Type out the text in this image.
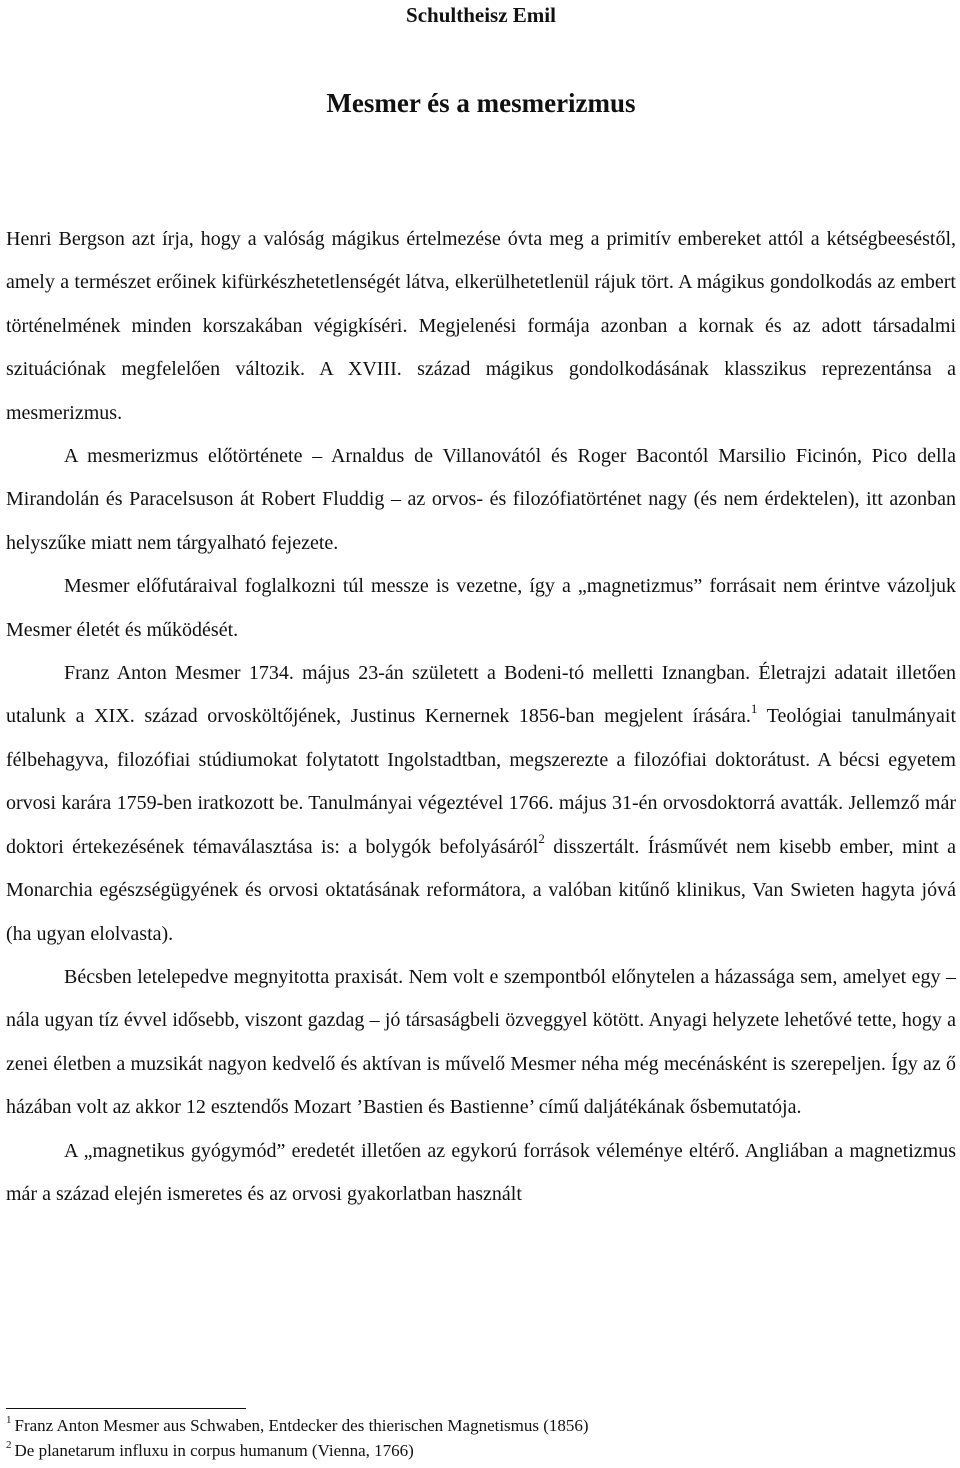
Schultheisz Emil

Mesmer és a mesmerizmus

Henri Bergson azt írja, hogy a valóság mágikus értelmezése óvta meg a primitív embereket attól a kétségbeeséstől, amely a természet erőinek kifürkészhetetlenségét látva, elkerülhetetlenül rájuk tört. A mágikus gondolkodás az embert történelmének minden korszakában végigkíséri. Megjelenési formája azonban a kornak és az adott társadalmi szituációnak megfelelően változik. A XVIII. század mágikus gondolkodásának klasszikus reprezentánsa a mesmerizmus.

A mesmerizmus előtörténete – Arnaldus de Villanovától és Roger Bacontól Marsilio Ficinón, Pico della Mirandolán és Paracelsuson át Robert Fluddig – az orvos- és filozófiatörténet nagy (és nem érdektelen), itt azonban helyszűke miatt nem tárgyalható fejezete.

Mesmer előfutáraival foglalkozni túl messze is vezetne, így a „magnetizmus” forrásait nem érintve vázoljuk Mesmer életét és működését.

Franz Anton Mesmer 1734. május 23-án született a Bodeni-tó melletti Iznangban. Életrajzi adatait illetően utalunk a XIX. század orvosköltőjének, Justinus Kernernek 1856-ban megjelent írására.$^1$ Teológiai tanulmányait félbehagyva, filozófiai stúdiumokat folytatott Ingolstadtban, megszerezte a filozófiai doktorátust. A bécsi egyetem orvosi karára 1759-ben iratkozott be. Tanulmányai végeztével 1766. május 31-én orvosdoktorrá avatták. Jellemző már doktori értekezésének témaválasztása is: a bolygók befolyásáról$^2$ disszertált. Írásművét nem kisebb ember, mint a Monarchia egészségügyének és orvosi oktatásának reformátora, a valóban kitűnő klinikus, Van Swieten hagyta jóvá (ha ugyan elolvasta).

Bécsben letelepedve megnyitotta praxisát. Nem volt e szempontból előnytelen a házassága sem, amelyet egy – nála ugyan tíz évvel idősebb, viszont gazdag – jó társaságbeli özveggyel kötött. Anyagi helyzete lehetővé tette, hogy a zenei életben a muzsikát nagyon kedvelő és aktívan is művelő Mesmer néha még mecénásként is szerepeljen. Így az ő házában volt az akkor 12 esztendős Mozart ’Bastien és Bastienne’ című daljátékának ősbemutatója.

A „magnetikus gyógymód” eredetét illetően az egykorú források véleménye eltérő. Angliában a magnetizmus már a század elején ismeretes és az orvosi gyakorlatban használt

$^1$ Franz Anton Mesmer aus Schwaben, Entdecker des thierischen Magnetismus (1856)

$^2$ De planetarum influxu in corpus humanum (Vienna, 1766)
